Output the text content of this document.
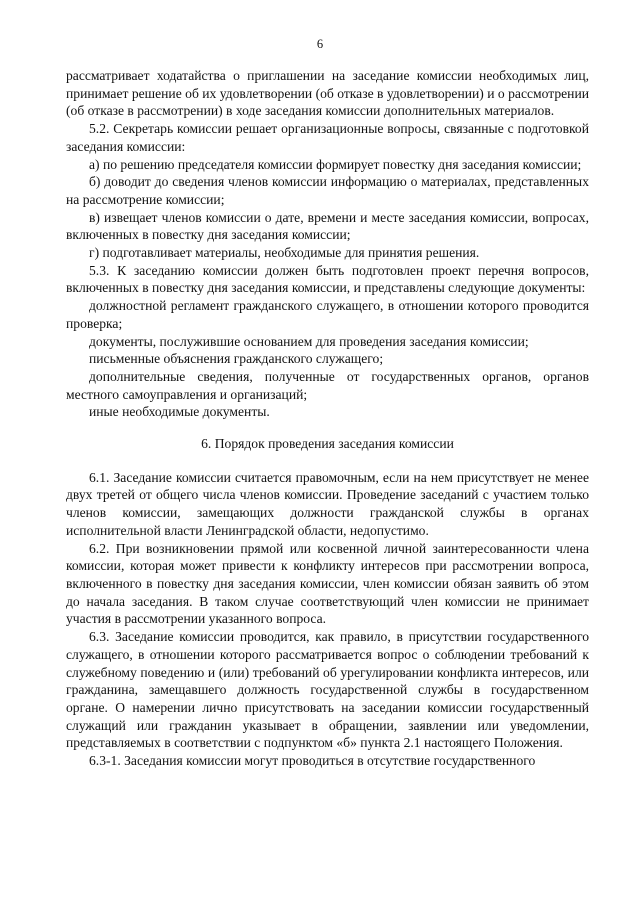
6

рассматривает ходатайства о приглашении на заседание комиссии необходимых лиц, принимает решение об их удовлетворении (об отказе в удовлетворении) и о рассмотрении (об отказе в рассмотрении) в ходе заседания комиссии дополнительных материалов.

5.2. Секретарь комиссии решает организационные вопросы, связанные с подготовкой заседания комиссии:

а) по решению председателя комиссии формирует повестку дня заседания комиссии;

б) доводит до сведения членов комиссии информацию о материалах, представленных на рассмотрение комиссии;

в) извещает членов комиссии о дате, времени и месте заседания комиссии, вопросах, включенных в повестку дня заседания комиссии;

г) подготавливает материалы, необходимые для принятия решения.

5.3. К заседанию комиссии должен быть подготовлен проект перечня вопросов, включенных в повестку дня заседания комиссии, и представлены следующие документы:

должностной регламент гражданского служащего, в отношении которого проводится проверка;

документы, послужившие основанием для проведения заседания комиссии;

письменные объяснения гражданского служащего;

дополнительные сведения, полученные от государственных органов, органов местного самоуправления и организаций;

иные необходимые документы.

6. Порядок проведения заседания комиссии

6.1. Заседание комиссии считается правомочным, если на нем присутствует не менее двух третей от общего числа членов комиссии. Проведение заседаний с участием только членов комиссии, замещающих должности гражданской службы в органах исполнительной власти Ленинградской области, недопустимо.

6.2. При возникновении прямой или косвенной личной заинтересованности члена комиссии, которая может привести к конфликту интересов при рассмотрении вопроса, включенного в повестку дня заседания комиссии, член комиссии обязан заявить об этом до начала заседания. В таком случае соответствующий член комиссии не принимает участия в рассмотрении указанного вопроса.

6.3. Заседание комиссии проводится, как правило, в присутствии государственного служащего, в отношении которого рассматривается вопрос о соблюдении требований к служебному поведению и (или) требований об урегулировании конфликта интересов, или гражданина, замещавшего должность государственной службы в государственном органе. О намерении лично присутствовать на заседании комиссии государственный служащий или гражданин указывает в обращении, заявлении или уведомлении, представляемых в соответствии с подпунктом «б» пункта 2.1 настоящего Положения.

6.3-1. Заседания комиссии могут проводиться в отсутствие государственного
